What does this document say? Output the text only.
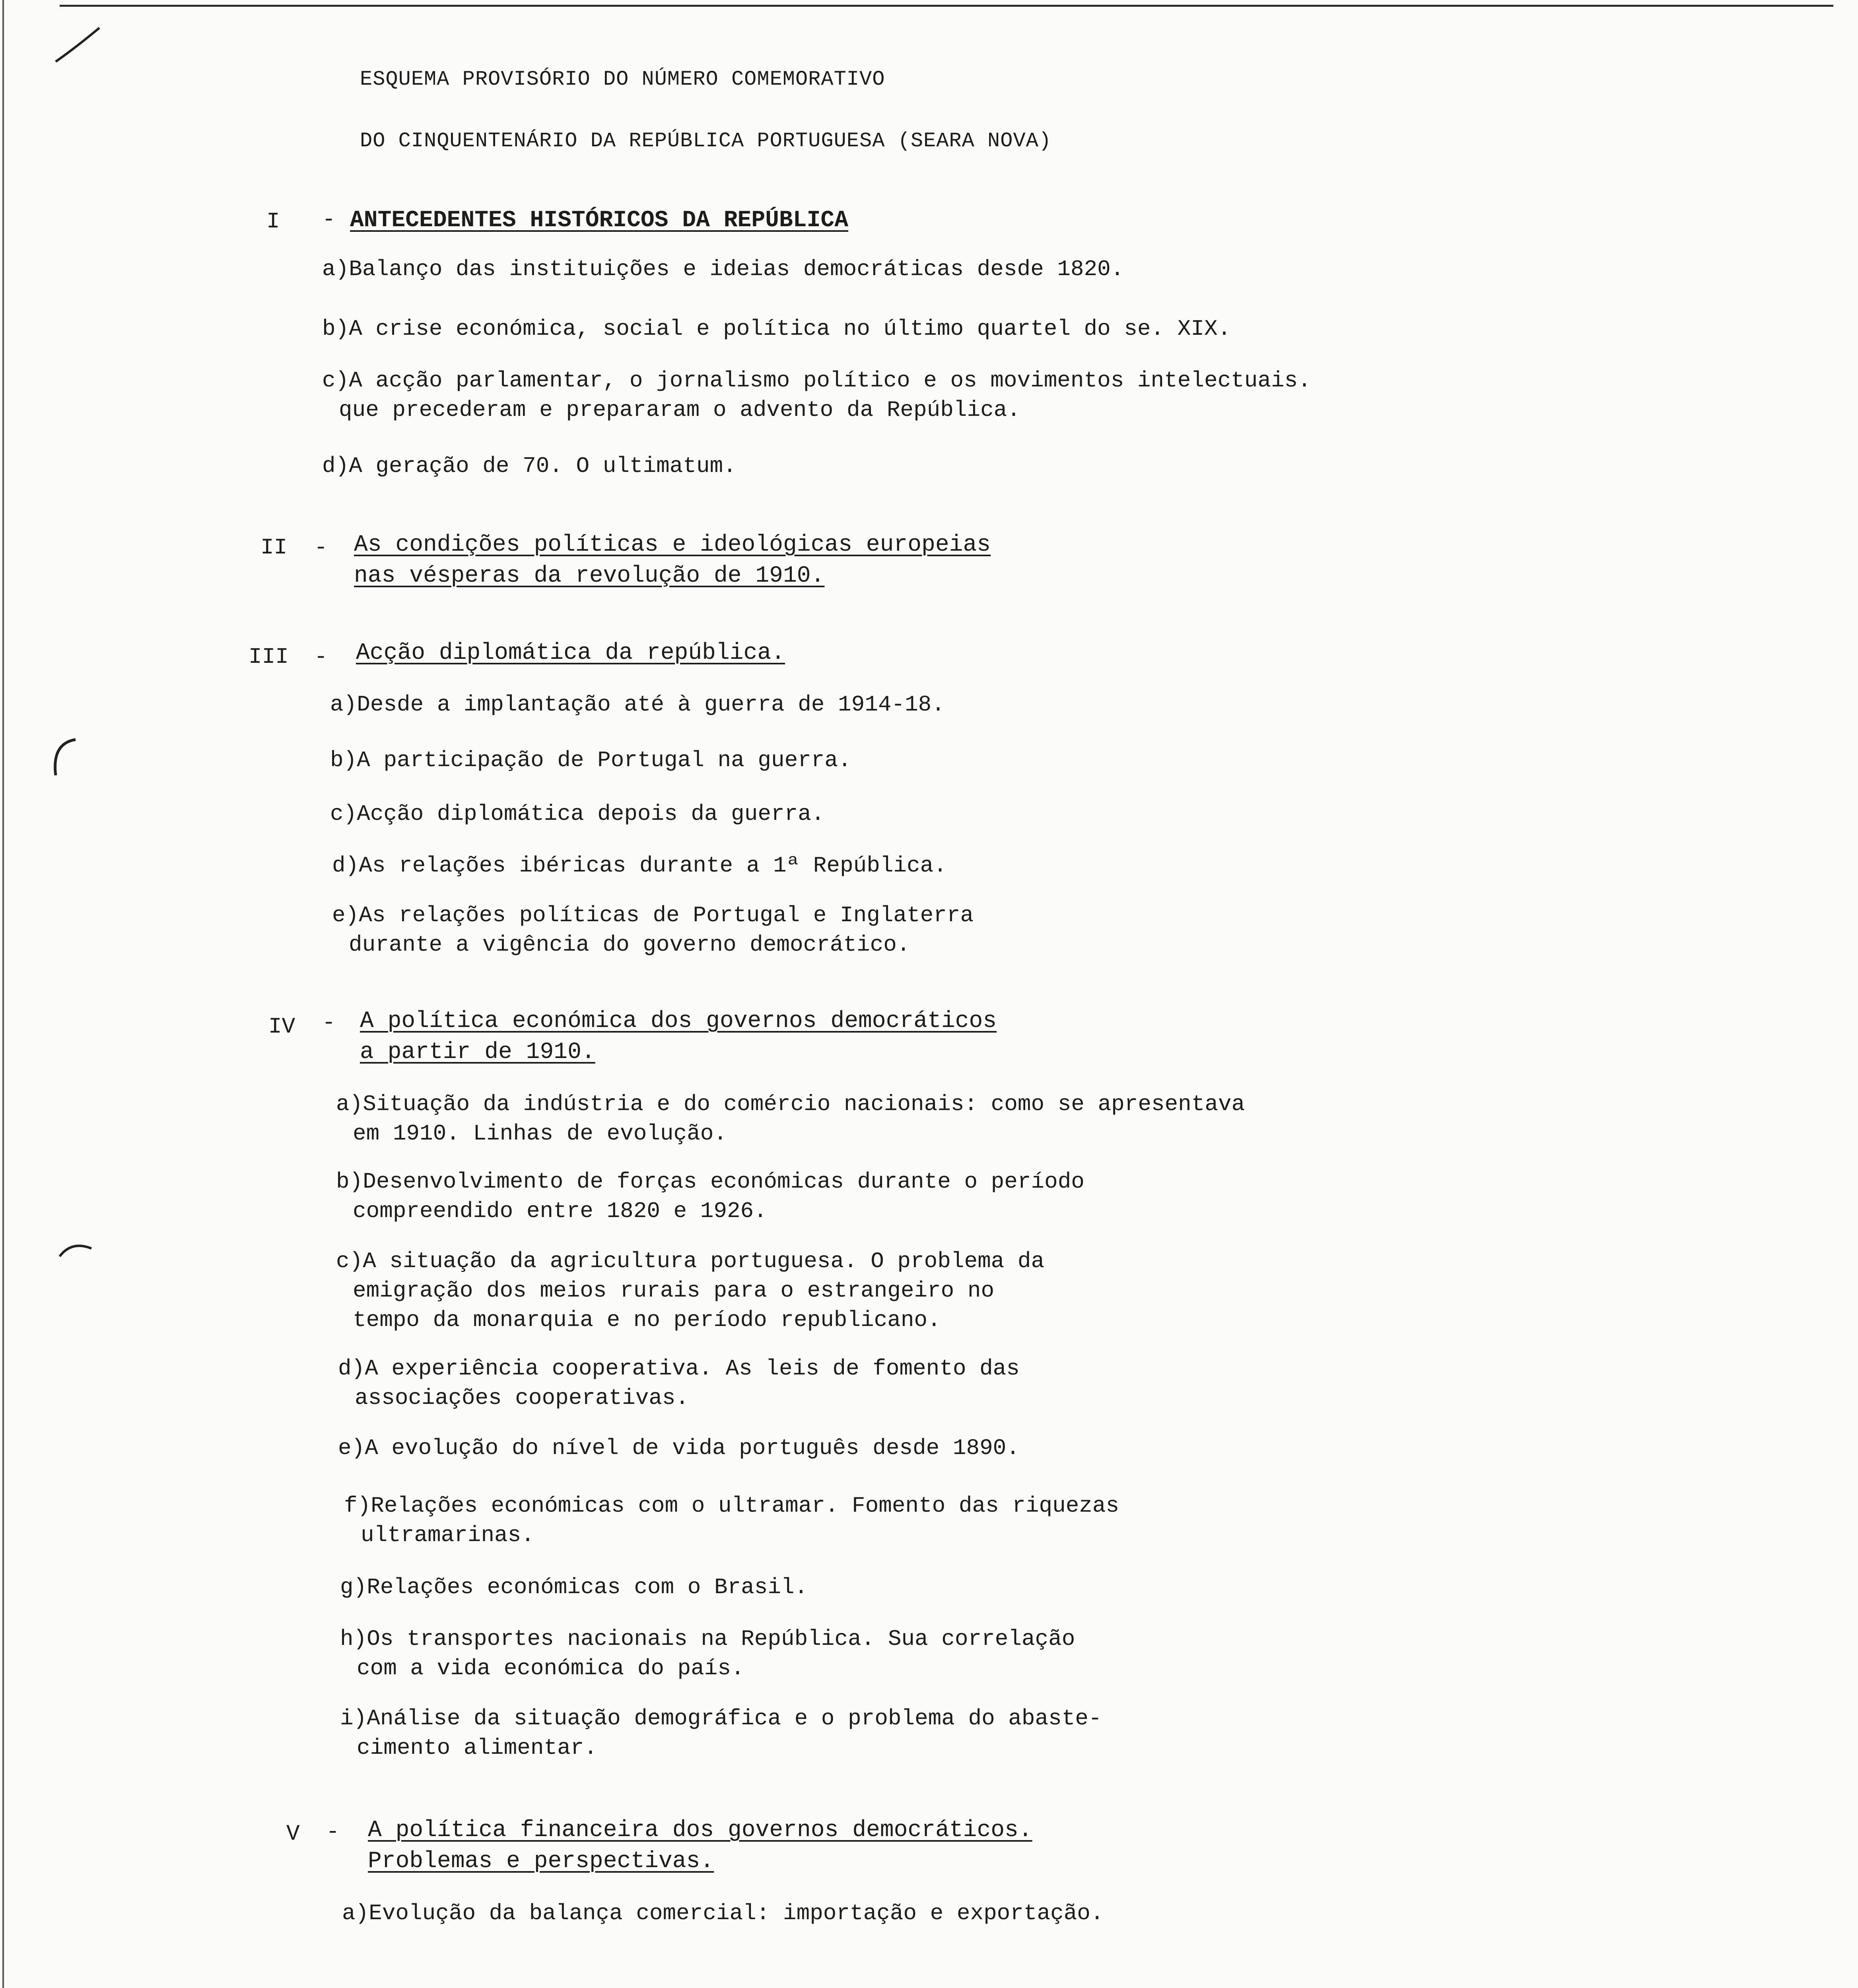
ESQUEMA PROVISÓRIO DO NÚMERO COMEMORATIVO
DO CINQUENTENÁRIO DA REPÚBLICA PORTUGUESA (SEARA NOVA)
I - ANTECEDENTES HISTÓRICOS DA REPÚBLICA
a)Balanço das instituições e ideias democráticas desde 1820.
b)A crise económica, social e política no último quartel do se. XIX.
c)A acção parlamentar, o jornalismo político e os movimentos intelectuais.
que precederam e prepararam o advento da República.
d)A geração de 70. O ultimatum.
II - As condições políticas e ideológicas europeias
nas vésperas da revolução de 1910.
III - Acção diplomática da república.
a)Desde a implantação até à guerra de 1914-18.
b)A participação de Portugal na guerra.
c)Acção diplomática depois da guerra.
d)As relações ibéricas durante a 1ª República.
e)As relações políticas de Portugal e Inglaterra
durante a vigência do governo democrático.
IV - A política económica dos governos democráticos
a partir de 1910.
a)Situação da indústria e do comércio nacionais: como se apresentava
em 1910. Linhas de evolução.
b)Desenvolvimento de forças económicas durante o período
compreendido entre 1820 e 1926.
c)A situação da agricultura portuguesa. O problema da
emigração dos meios rurais para o estrangeiro no
tempo da monarquia e no período republicano.
d)A experiência cooperativa. As leis de fomento das
associações cooperativas.
e)A evolução do nível de vida português desde 1890.
f)Relações económicas com o ultramar. Fomento das riquezas
ultramarinas.
g)Relações económicas com o Brasil.
h)Os transportes nacionais na República. Sua correlação
com a vida económica do país.
i)Análise da situação demográfica e o problema do abaste-
cimento alimentar.
V - A política financeira dos governos democráticos.
Problemas e perspectivas.
a)Evolução da balança comercial: importação e exportação.
